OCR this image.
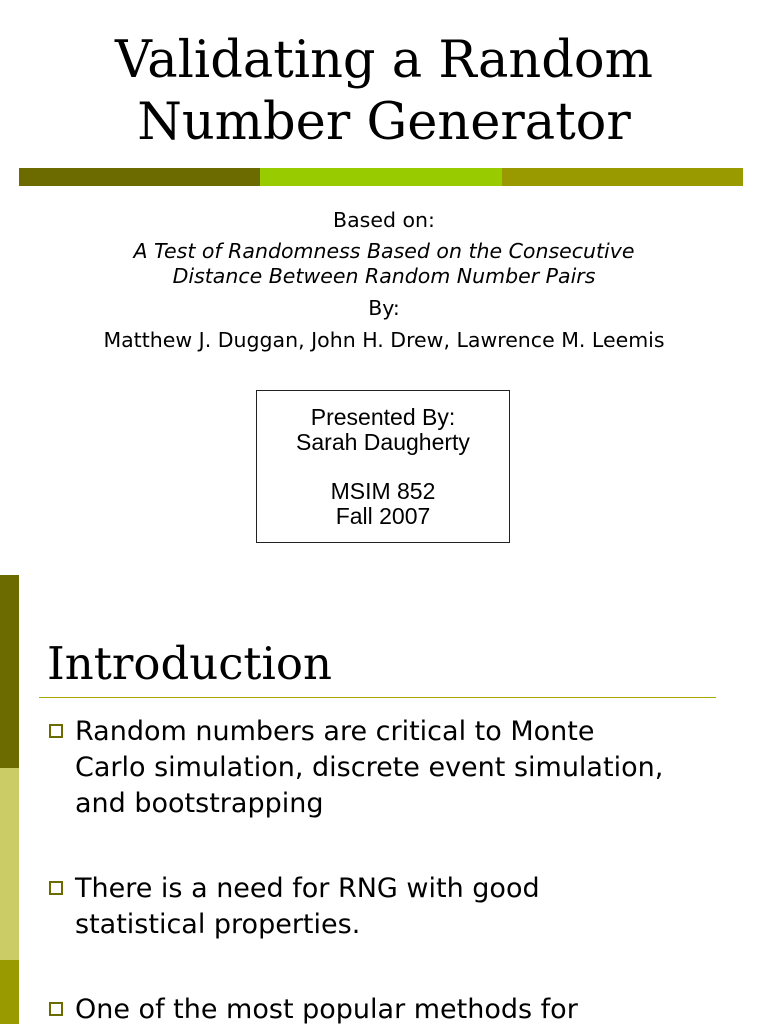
Validating a Random
Number Generator
Based on:
A Test of Randomness Based on the Consecutive
Distance Between Random Number Pairs
By:
Matthew J. Duggan, John H. Drew, Lawrence M. Leemis
Presented By:
Sarah Daugherty
MSIM 852
Fall 2007
Introduction
Random numbers are critical to Monte
Carlo simulation, discrete event simulation,
and bootstrapping
There is a need for RNG with good
statistical properties.
One of the most popular methods for
